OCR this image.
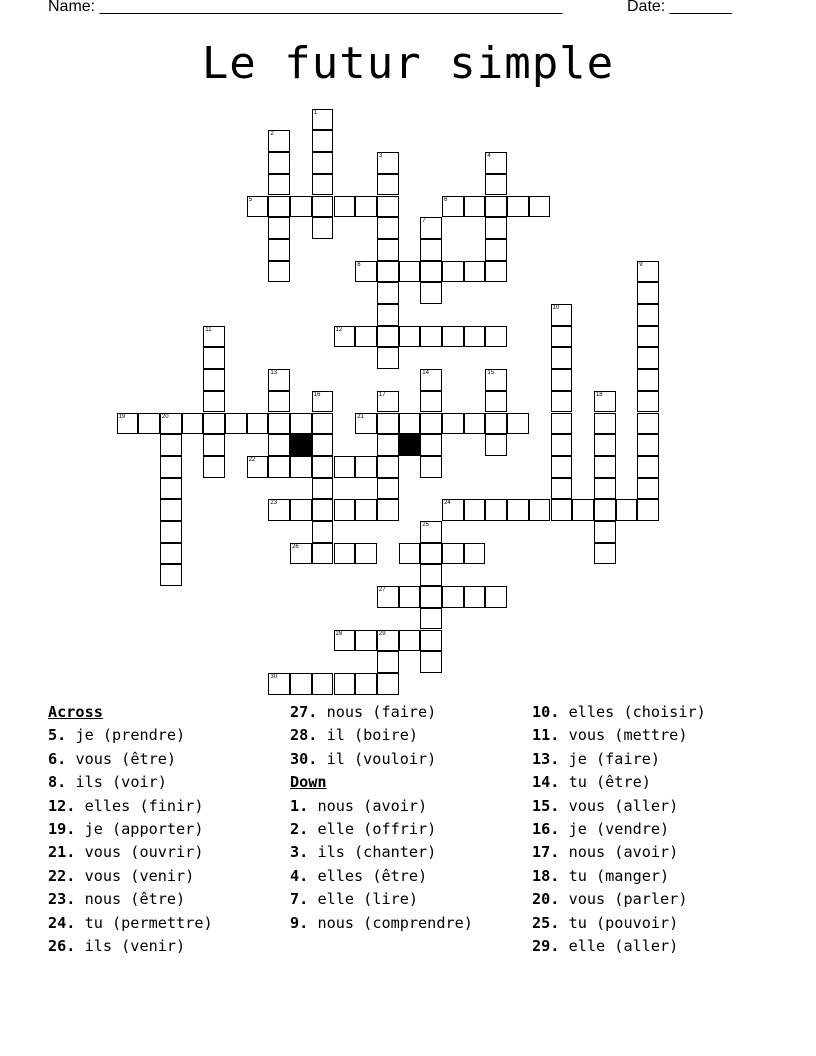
Name: ____________________________________________________	Date: _______
Le futur simple
1
2
3	4
5	6
7
8	9
10
11	12
13	14	15
16	17	18
19	20	21
22
23	24
25
26
27
28	29
30
Across
5. je (prendre)
6. vous (être)
8. ils (voir)
12. elles (finir)
19. je (apporter)
21. vous (ouvrir)
22. vous (venir)
23. nous (être)
24. tu (permettre)
26. ils (venir)
27. nous (faire)
28. il (boire)
30. il (vouloir)
Down
1. nous (avoir)
2. elle (offrir)
3. ils (chanter)
4. elles (être)
7. elle (lire)
9. nous (comprendre)
10. elles (choisir)
11. vous (mettre)
13. je (faire)
14. tu (être)
15. vous (aller)
16. je (vendre)
17. nous (avoir)
18. tu (manger)
20. vous (parler)
25. tu (pouvoir)
29. elle (aller)
